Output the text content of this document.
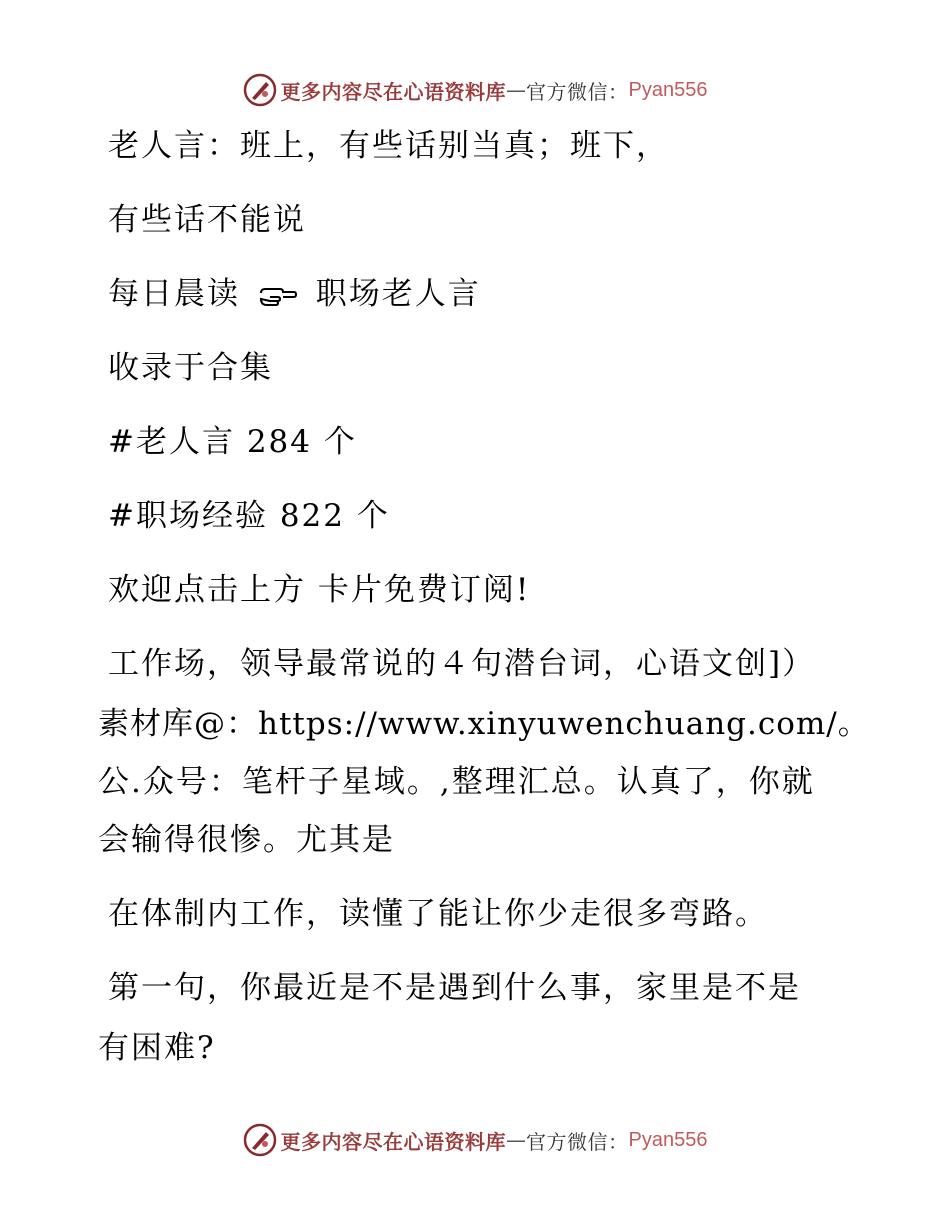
更多内容尽在心语资料库 — 官方微信： Pyan556
老人言：班上，有些话别当真；班下，
有些话不能说
每日晨读 职场老人言
收录于合集
#老人言 284 个
#职场经验 822 个
欢迎点击上方 卡片免费订阅!
工作场，领导最常说的４句潜台词，心语文创]）
素材库@：https://www.xinyuwenchuang.com/。
公.众号：笔杆子星域。,整理汇总。认真了，你就
会输得很惨。尤其是
在体制内工作，读懂了能让你少走很多弯路。
第一句，你最近是不是遇到什么事，家里是不是
有困难?
更多内容尽在心语资料库 — 官方微信： Pyan556
